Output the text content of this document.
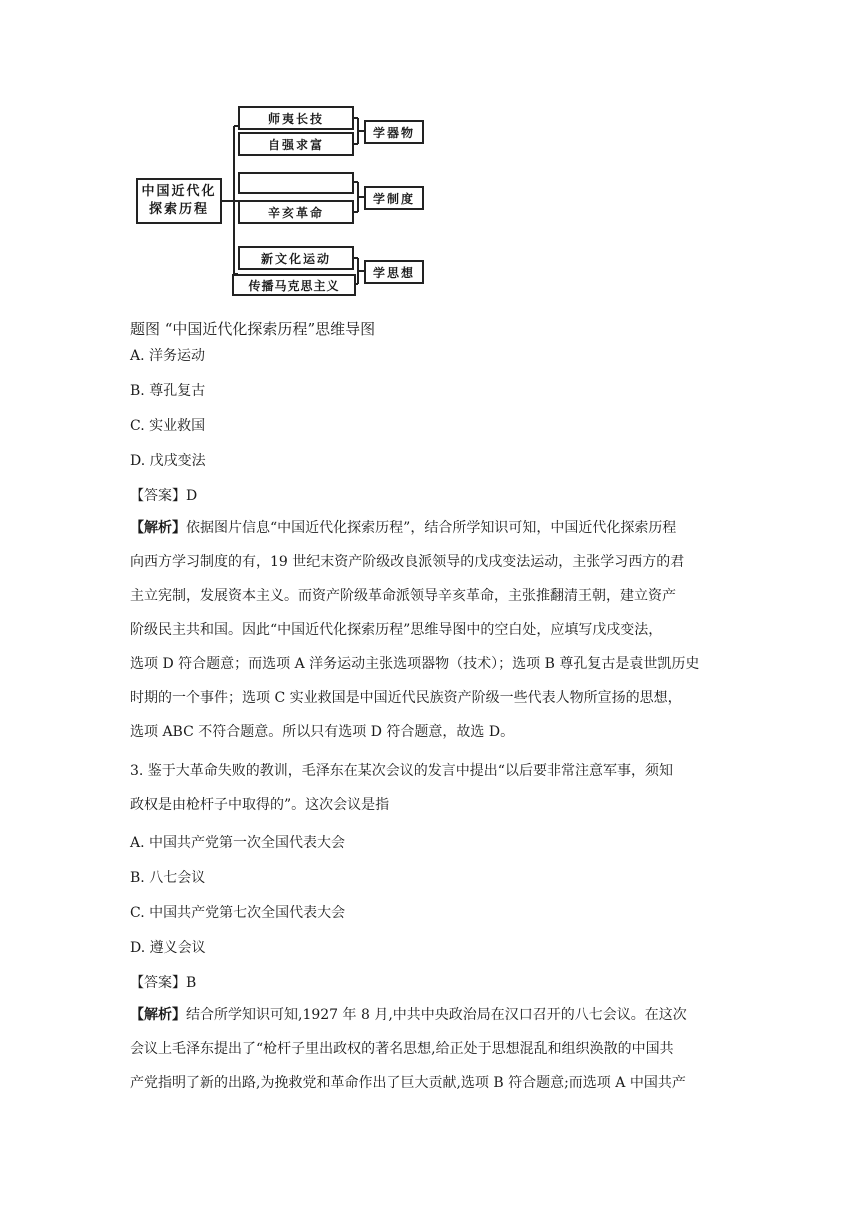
中国近代化
探索历程
师夷长技
自强求富
辛亥革命
新文化运动
传播马克思主义
学器物
学制度
学思想
题图 “中国近代化探索历程”思维导图
A. 洋务运动
B. 尊孔复古
C. 实业救国
D. 戊戌变法
【答案】D

【解析】依据图片信息“中国近代化探索历程”，结合所学知识可知，中国近代化探索历程

向西方学习制度的有，19 世纪末资产阶级改良派领导的戊戌变法运动，主张学习西方的君

主立宪制，发展资本主义。而资产阶级革命派领导辛亥革命，主张推翻清王朝，建立资产

阶级民主共和国。因此“中国近代化探索历程”思维导图中的空白处，应填写戊戌变法，

选项 D 符合题意；而选项 A 洋务运动主张选项器物（技术）；选项 B 尊孔复古是袁世凯历史

时期的一个事件；选项 C 实业救国是中国近代民族资产阶级一些代表人物所宣扬的思想，

选项 ABC 不符合题意。所以只有选项 D 符合题意，故选 D。

3. 鉴于大革命失败的教训，毛泽东在某次会议的发言中提出“以后要非常注意军事，须知

政权是由枪杆子中取得的”。这次会议是指

A. 中国共产党第一次全国代表大会
B. 八七会议
C. 中国共产党第七次全国代表大会
D. 遵义会议
【答案】B

【解析】结合所学知识可知,1927 年 8 月,中共中央政治局在汉口召开的八七会议。在这次

会议上毛泽东提出了“枪杆子里出政权的著名思想,给正处于思想混乱和组织涣散的中国共

产党指明了新的出路,为挽救党和革命作出了巨大贡献,选项 B 符合题意;而选项 A 中国共产
